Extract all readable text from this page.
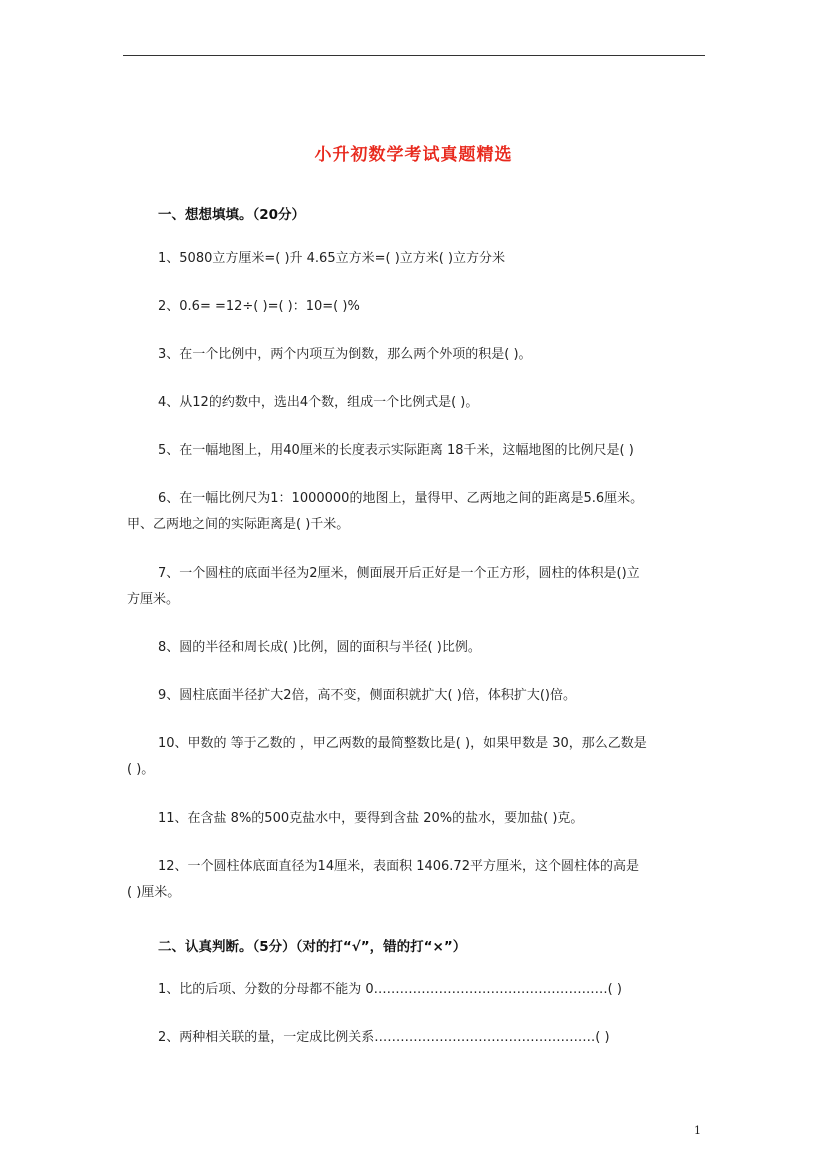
小升初数学考试真题精选
一、想想填填。（20分）
1、5080立方厘米=( )升 4.65立方米=( )立方米( )立方分米
2、0.6= =12÷( )=( )：10=( )%
3、在一个比例中，两个内项互为倒数，那么两个外项的积是( )。
4、从12的约数中，选出4个数，组成一个比例式是( )。
5、在一幅地图上，用40厘米的长度表示实际距离 18千米，这幅地图的比例尺是( )
6、在一幅比例尺为1：1000000的地图上，量得甲、乙两地之间的距离是5.6厘米。
甲、乙两地之间的实际距离是( )千米。
7、一个圆柱的底面半径为2厘米，侧面展开后正好是一个正方形，圆柱的体积是()立
方厘米。
8、圆的半径和周长成( )比例，圆的面积与半径( )比例。
9、圆柱底面半径扩大2倍，高不变，侧面积就扩大( )倍，体积扩大()倍。
10、甲数的 等于乙数的 ，甲乙两数的最简整数比是( )，如果甲数是 30，那么乙数是
( )。
11、在含盐 8%的500克盐水中，要得到含盐 20%的盐水，要加盐( )克。
12、一个圆柱体底面直径为14厘米，表面积 1406.72平方厘米，这个圆柱体的高是
( )厘米。
二、认真判断。（5分）（对的打“√”，错的打“×”）
1、比的后项、分数的分母都不能为 0………………………………………………( )
2、两种相关联的量，一定成比例关系……………………………………………( )
1
